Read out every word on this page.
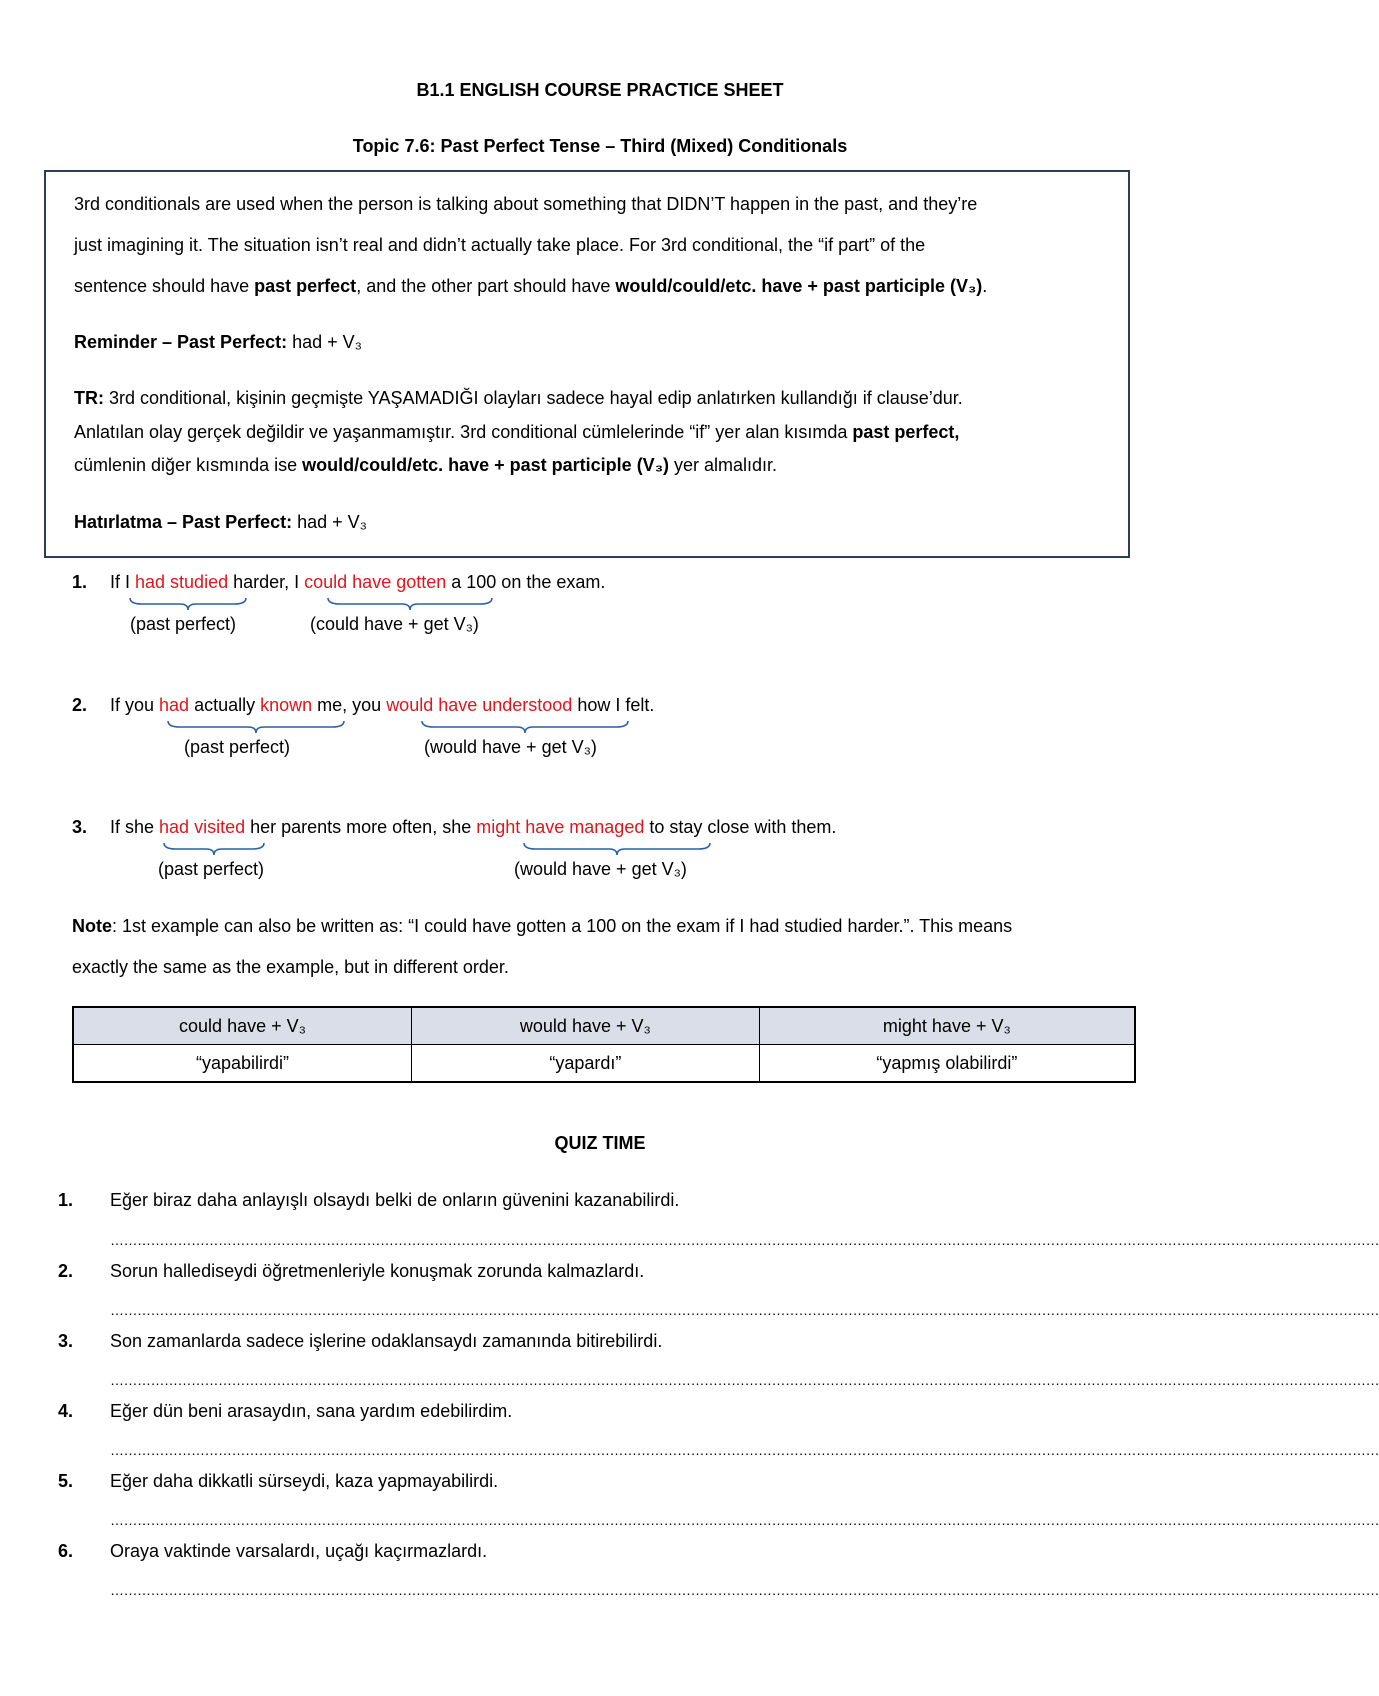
B1.1 ENGLISH COURSE PRACTICE SHEET
Topic 7.6: Past Perfect Tense – Third (Mixed) Conditionals
3rd conditionals are used when the person is talking about something that DIDN’T happen in the past, and they’re
just imagining it. The situation isn’t real and didn’t actually take place. For 3rd conditional, the “if part” of the
sentence should have past perfect, and the other part should have would/could/etc. have + past participle (V₃).
Reminder – Past Perfect: had + V₃
TR: 3rd conditional, kişinin geçmişte YAŞAMADIĞI olayları sadece hayal edip anlatırken kullandığı if clause’dur.
Anlatılan olay gerçek değildir ve yaşanmamıştır. 3rd conditional cümlelerinde “if” yer alan kısımda past perfect,
cümlenin diğer kısmında ise would/could/etc. have + past participle (V₃) yer almalıdır.
Hatırlatma – Past Perfect: had + V₃
1. If I had studied harder, I could have gotten a 100 on the exam.
(past perfect)	(could have + get V₃)
2. If you had actually known me, you would have understood how I felt.
(past perfect)	(would have + get V₃)
3. If she had visited her parents more often, she might have managed to stay close with them.
(past perfect)	(would have + get V₃)
Note: 1st example can also be written as: “I could have gotten a 100 on the exam if I had studied harder.”. This means
exactly the same as the example, but in different order.
could have + V₃	would have + V₃	might have + V₃
“yapabilirdi”	“yapardı”	“yapmış olabilirdi”
QUIZ TIME
1. Eğer biraz daha anlayışlı olsaydı belki de onların güvenini kazanabilirdi.
…………………………………………………………………………………………………………………………………………………………………………………………………………………………………………………………
2. Sorun hallediseydi öğretmenleriyle konuşmak zorunda kalmazlardı.
…………………………………………………………………………………………………………………………………………………………………………………………………………………………………………………………
3. Son zamanlarda sadece işlerine odaklansaydı zamanında bitirebilirdi.
…………………………………………………………………………………………………………………………………………………………………………………………………………………………………………………………
4. Eğer dün beni arasaydın, sana yardım edebilirdim.
…………………………………………………………………………………………………………………………………………………………………………………………………………………………………………………………
5. Eğer daha dikkatli sürseydi, kaza yapmayabilirdi.
…………………………………………………………………………………………………………………………………………………………………………………………………………………………………………………………
6. Oraya vaktinde varsalardı, uçağı kaçırmazlardı.
…………………………………………………………………………………………………………………………………………………………………………………………………………………………………………………………
